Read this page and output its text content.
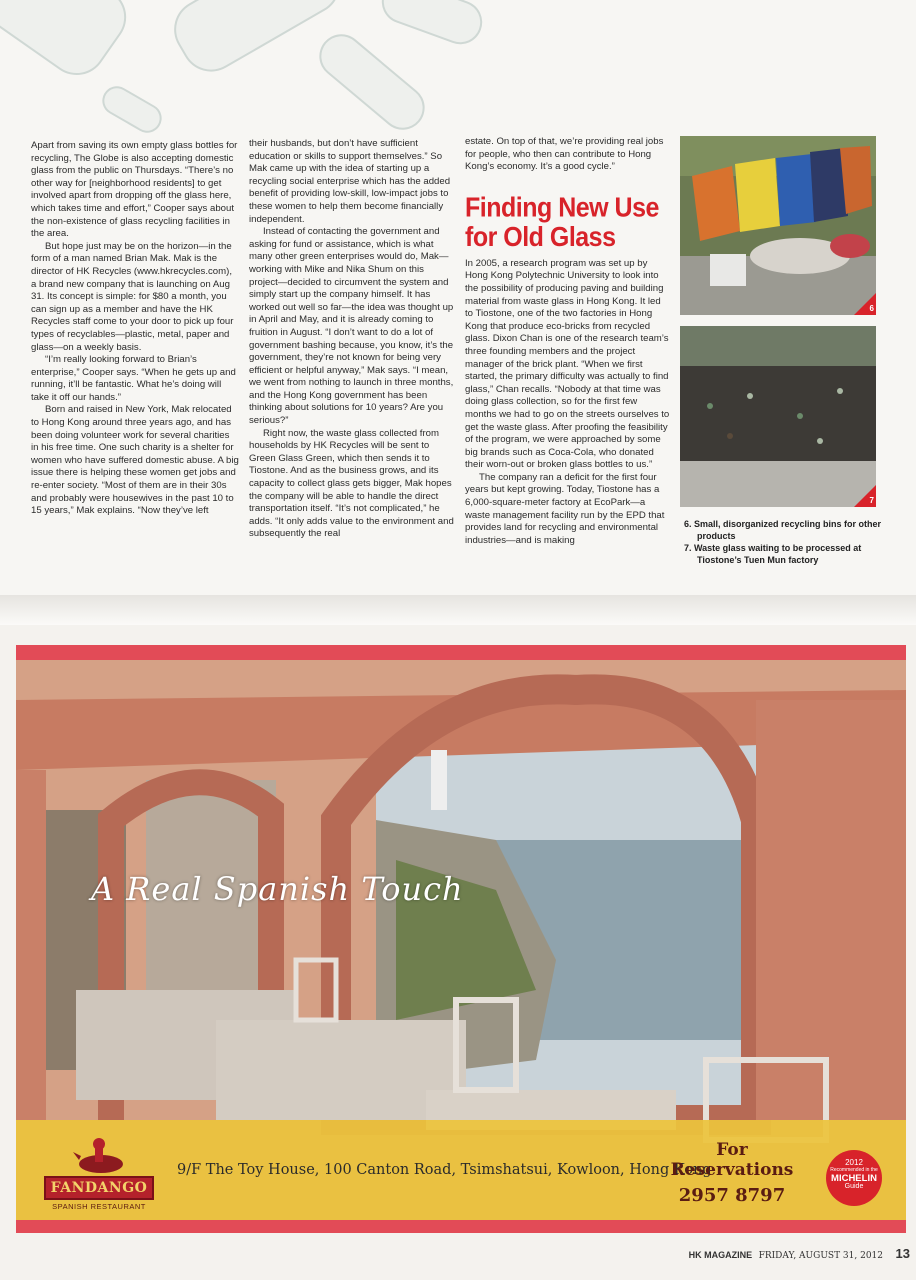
Apart from saving its own empty glass bottles for recycling, The Globe is also accepting domestic glass from the public on Thursdays. “There’s no other way for [neighborhood residents] to get involved apart from dropping off the glass here, which takes time and effort,” Cooper says about the non-existence of glass recycling facilities in the area.

But hope just may be on the horizon—in the form of a man named Brian Mak. Mak is the director of HK Recycles (www.hkrecycles.com), a brand new company that is launching on Aug 31. Its concept is simple: for $80 a month, you can sign up as a member and have the HK Recycles staff come to your door to pick up four types of recyclables—plastic, metal, paper and glass—on a weekly basis.

“I’m really looking forward to Brian’s enterprise,” Cooper says. “When he gets up and running, it’ll be fantastic. What he’s doing will take it off our hands.”

Born and raised in New York, Mak relocated to Hong Kong around three years ago, and has been doing volunteer work for several charities in his free time. One such charity is a shelter for women who have suffered domestic abuse. A big issue there is helping these women get jobs and re-enter society. “Most of them are in their 30s and probably were housewives in the past 10 to 15 years,” Mak explains. “Now they’ve left

their husbands, but don’t have sufficient education or skills to support themselves.” So Mak came up with the idea of starting up a recycling social enterprise which has the added benefit of providing low-skill, low-impact jobs to these women to help them become financially independent.

Instead of contacting the government and asking for fund or assistance, which is what many other green enterprises would do, Mak—working with Mike and Nika Shum on this project—decided to circumvent the system and simply start up the company himself. It has worked out well so far—the idea was thought up in April and May, and it is already coming to fruition in August. “I don’t want to do a lot of government bashing because, you know, it’s the government, they’re not known for being very efficient or helpful anyway,” Mak says. “I mean, we went from nothing to launch in three months, and the Hong Kong government has been thinking about solutions for 10 years? Are you serious?”

Right now, the waste glass collected from households by HK Recycles will be sent to Green Glass Green, which then sends it to Tiostone. And as the business grows, and its capacity to collect glass gets bigger, Mak hopes the company will be able to handle the direct transportation itself. “It’s not complicated,” he adds. “It only adds value to the environment and subsequently the real

estate. On top of that, we’re providing real jobs for people, who then can contribute to Hong Kong’s economy. It’s a good cycle.”

Finding New Use
for Old Glass

In 2005, a research program was set up by Hong Kong Polytechnic University to look into the possibility of producing paving and building material from waste glass in Hong Kong. It led to Tiostone, one of the two factories in Hong Kong that produce eco-bricks from recycled glass. Dixon Chan is one of the research team’s three founding members and the project manager of the brick plant. “When we first started, the primary difficulty was actually to find glass,” Chan recalls. “Nobody at that time was doing glass collection, so for the first few months we had to go on the streets ourselves to get the waste glass. After proofing the feasibility of the program, we were approached by some big brands such as Coca-Cola, who donated their worn-out or broken glass bottles to us.”

The company ran a deficit for the first four years but kept growing. Today, Tiostone has a 6,000-square-meter factory at EcoPark—a waste management facility run by the EPD that provides land for recycling and environmental industries—and is making

6
7
6. Small, disorganized recycling bins for other products
7. Waste glass waiting to be processed at Tiostone’s Tuen Mun factory
A Real Spanish Touch
FANDANGO
SPANISH RESTAURANT
9/F The Toy House, 100 Canton Road, Tsimshatsui, Kowloon, Hong Kong
For Reservations
2957 8797
2012
Recommended in the
MICHELIN
Guide
HK MAGAZINE FRIDAY, AUGUST 31, 2012 13
